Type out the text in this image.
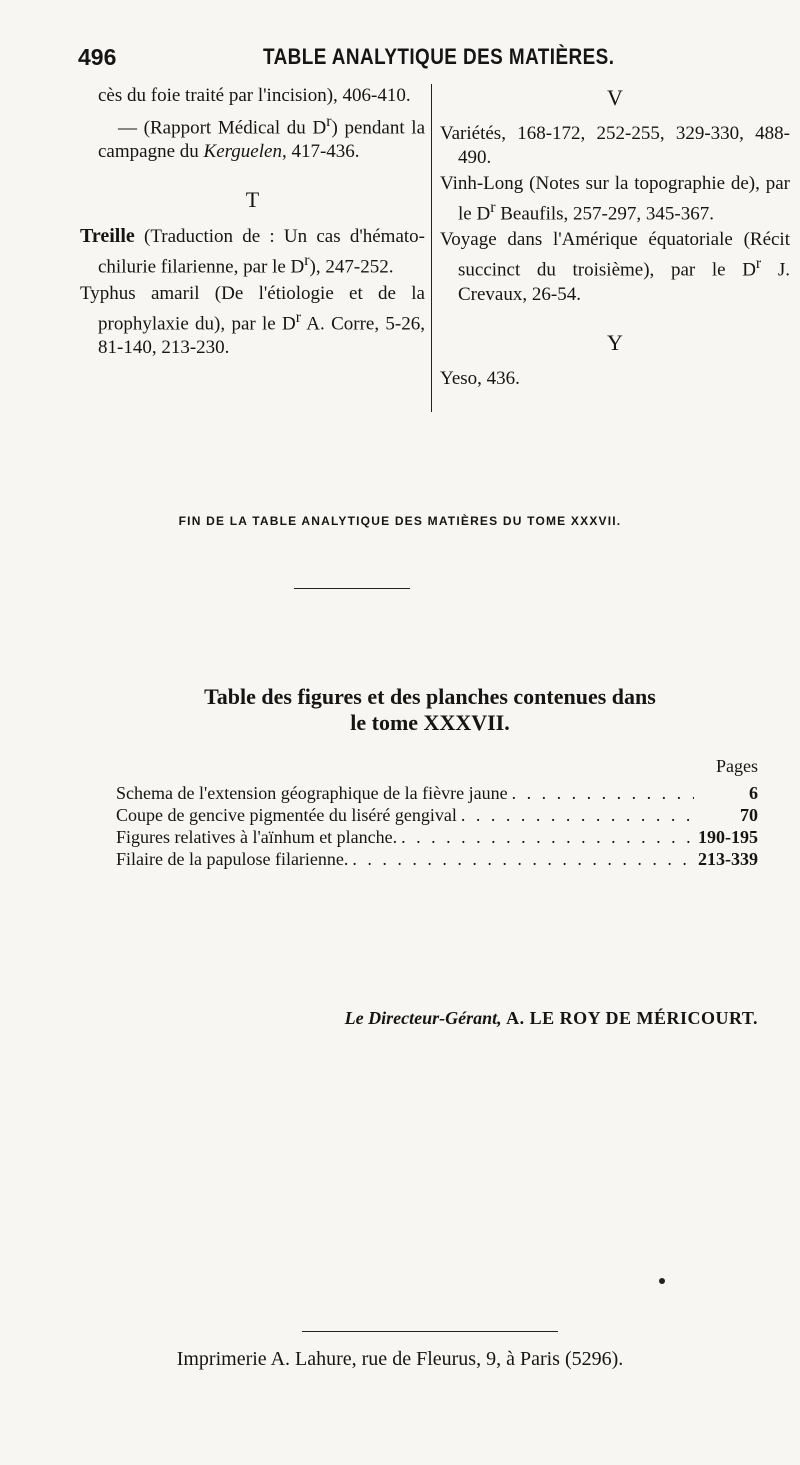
496	TABLE ANALYTIQUE DES MATIÈRES.
cès du foie traité par l'incision), 406-410.
— (Rapport Médical du $D^r$) pendant la campagne du Kerguelen, 417-436.
T
Treille (Traduction de : Un cas d'hémato-chilurie filarienne, par le $D^r$), 247-252.
Typhus amaril (De l'étiologie et de la prophylaxie du), par le $D^r$ A. Corre, 5-26, 81-140, 213-230.
V
Variétés, 168-172, 252-255, 329-330, 488-490.
Vinh-Long (Notes sur la topographie de), par le $D^r$ Beaufils, 257-297, 345-367.
Voyage dans l'Amérique équatoriale (Récit succinct du troisième), par le $D^r$ J. Crevaux, 26-54.
Y
Yeso, 436.
FIN DE LA TABLE ANALYTIQUE DES MATIÈRES DU TOME XXXVII.
Table des figures et des planches contenues dans
le tome XXXVII.
Pages
Schema de l'extension géographique de la fièvre jaune . . .	6
Coupe de gencive pigmentée du liséré gengival . . .	70
Figures relatives à l'aïnhum et planche. . . .	190-195
Filaire de la papulose filarienne. . . .	213-339
Le Directeur-Gérant, A. LE ROY DE MÉRICOURT.
Imprimerie A. Lahure, rue de Fleurus, 9, à Paris (5296).
